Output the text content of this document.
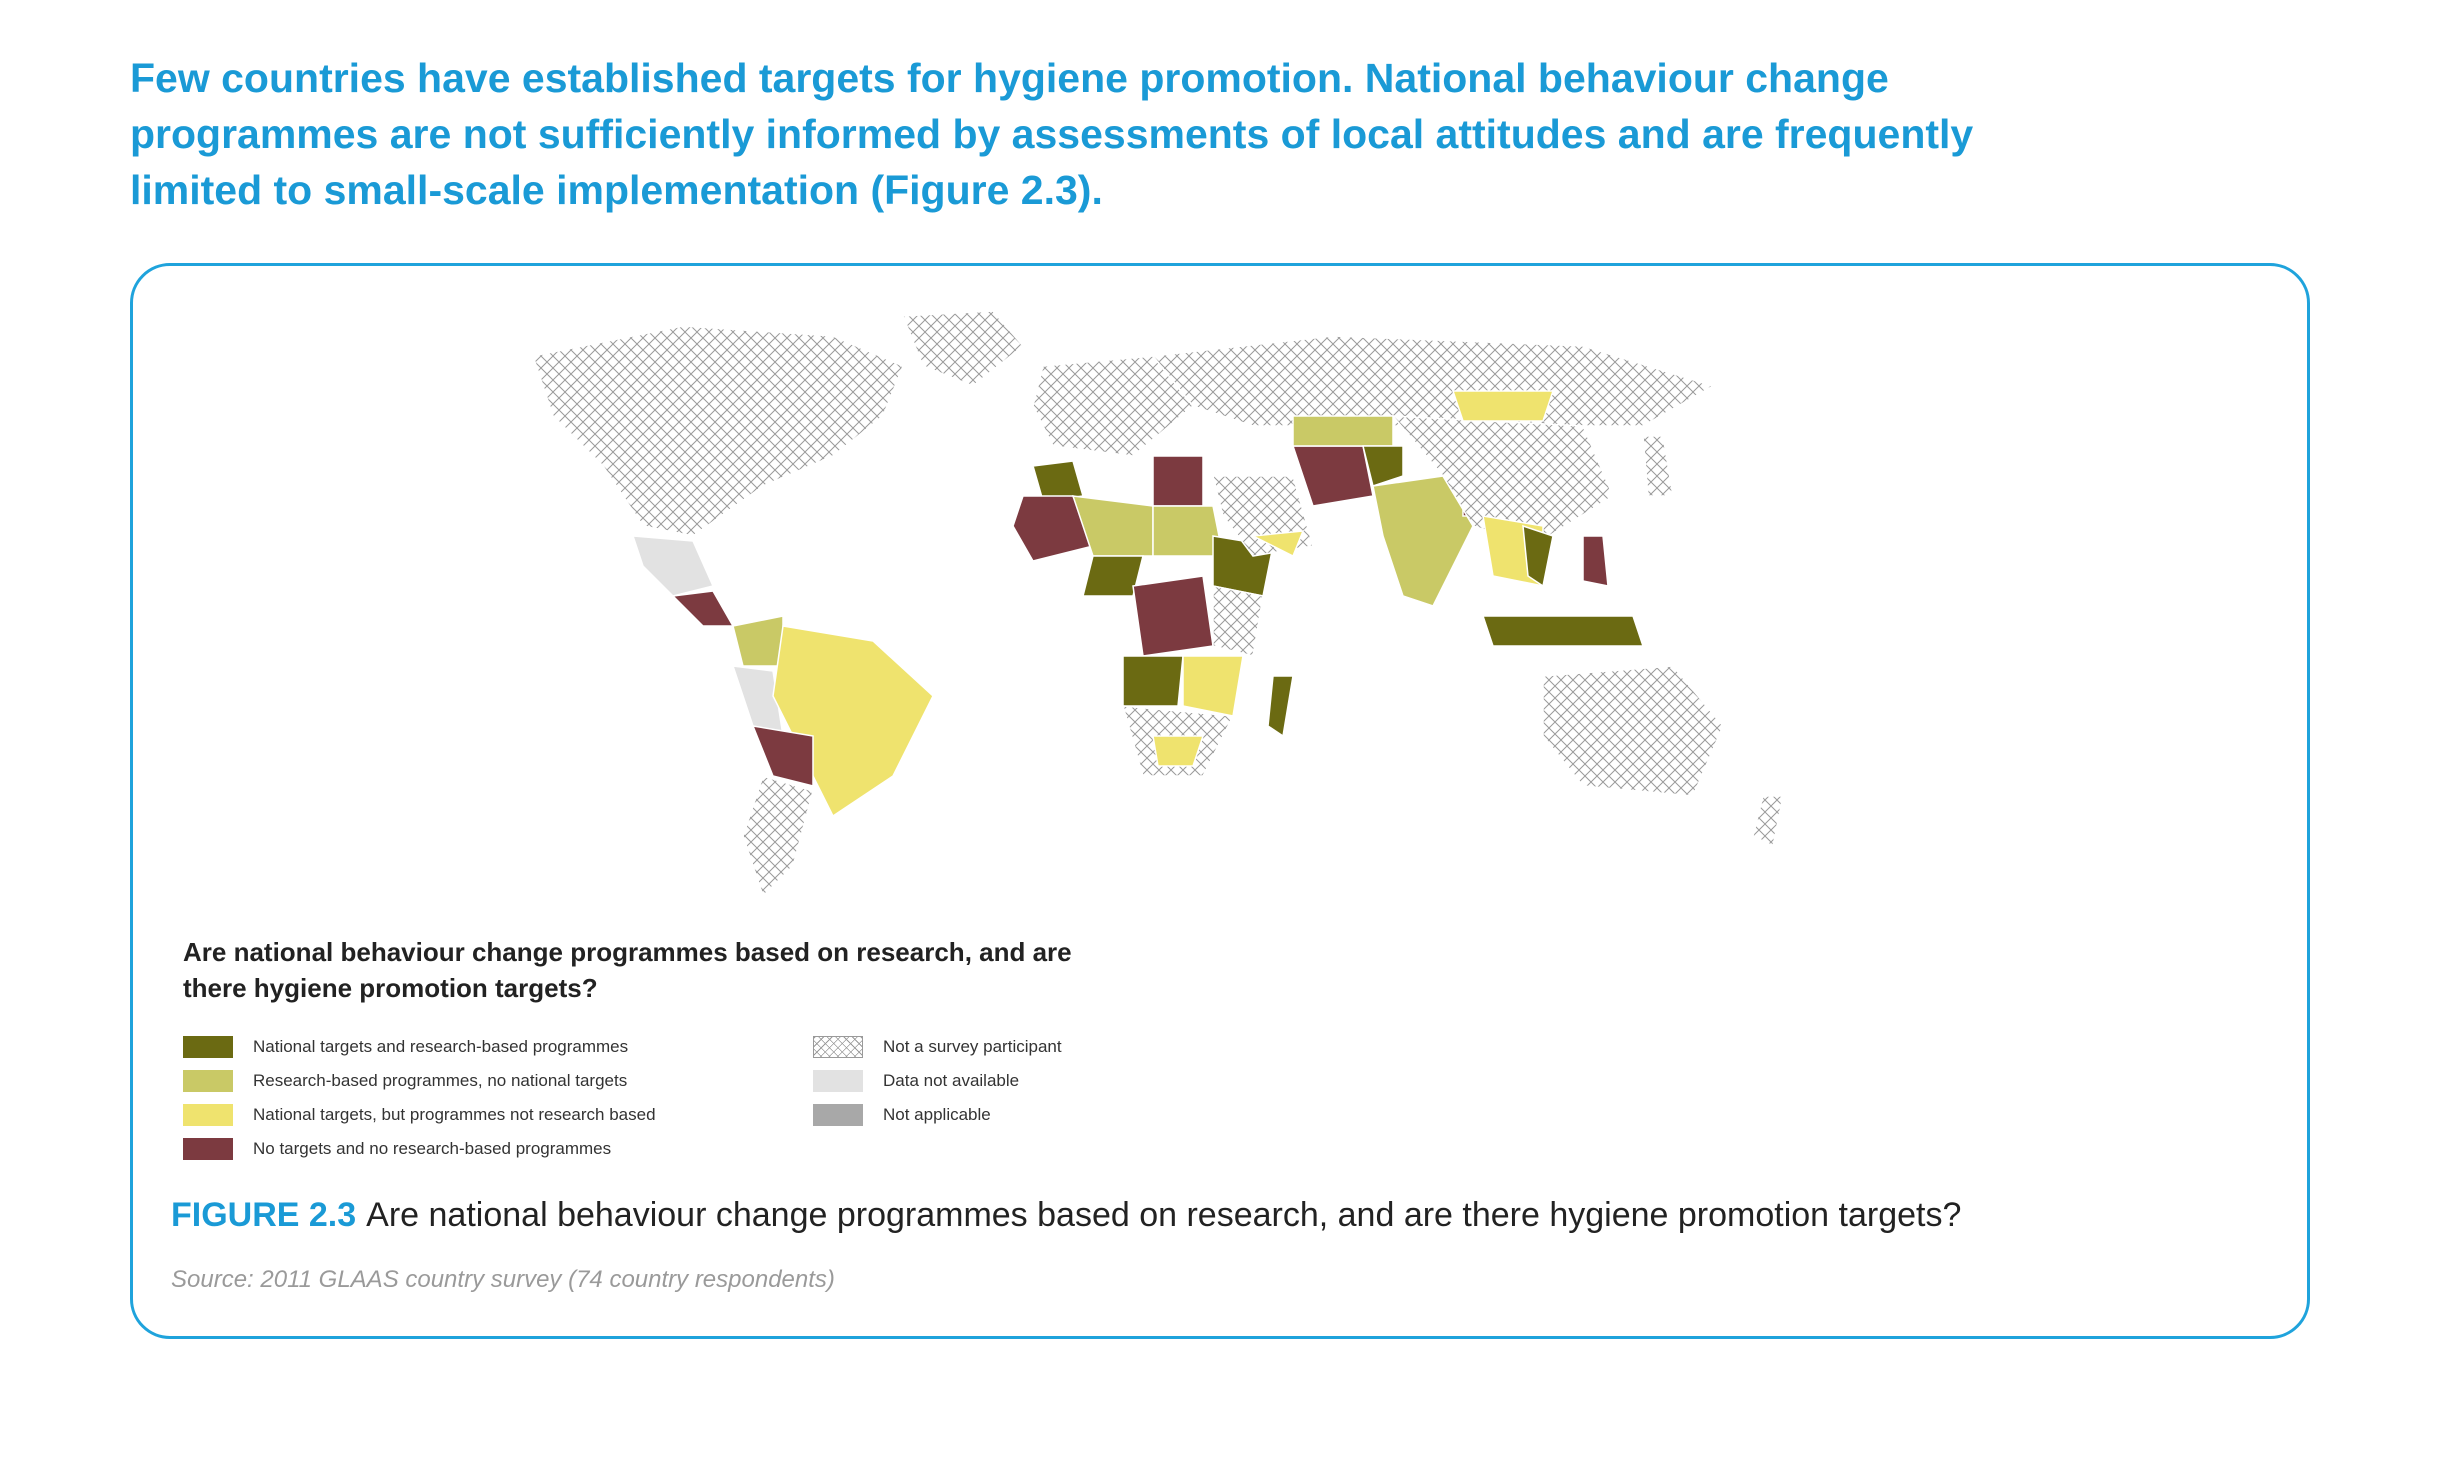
Few countries have established targets for hygiene promotion. National behaviour change
programmes are not sufficiently informed by assessments of local attitudes and are frequently
limited to small-scale implementation (Figure 2.3).
Are national behaviour change programmes based on research, and are
there hygiene promotion targets?
National targets and research-based programmes
Research-based programmes, no national targets
National targets, but programmes not research based
No targets and no research-based programmes
Not a survey participant
Data not available
Not applicable
FIGURE 2.3 Are national behaviour change programmes based on research, and are there hygiene promotion targets?
Source: 2011 GLAAS country survey (74 country respondents)
